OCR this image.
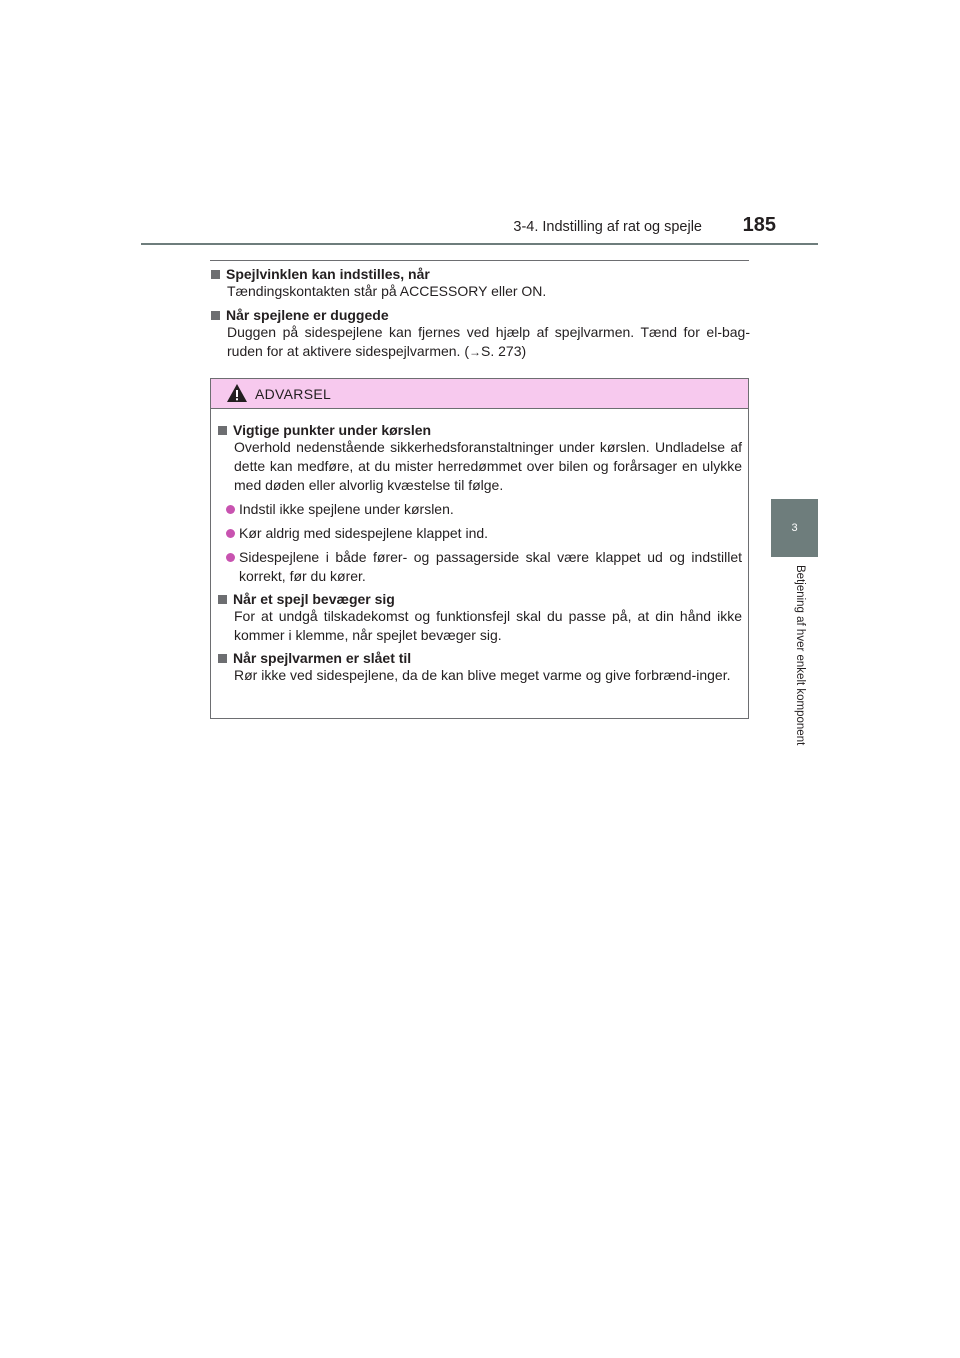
3-4. Indstilling af rat og spejle	185
3
Betjening af hver enkelt komponent
Spejlvinklen kan indstilles, når
Tændingskontakten står på ACCESSORY eller ON.
Når spejlene er duggede
Duggen på sidespejlene kan fjernes ved hjælp af spejlvarmen. Tænd for el-bag-ruden for at aktivere sidespejlvarmen. (→S. 273)
ADVARSEL
Vigtige punkter under kørslen
Overhold nedenstående sikkerhedsforanstaltninger under kørslen. Undladelse af dette kan medføre, at du mister herredømmet over bilen og forårsager en ulykke med døden eller alvorlig kvæstelse til følge.
Indstil ikke spejlene under kørslen.
Kør aldrig med sidespejlene klappet ind.
Sidespejlene i både fører- og passagerside skal være klappet ud og indstillet korrekt, før du kører.
Når et spejl bevæger sig
For at undgå tilskadekomst og funktionsfejl skal du passe på, at din hånd ikke kommer i klemme, når spejlet bevæger sig.
Når spejlvarmen er slået til
Rør ikke ved sidespejlene, da de kan blive meget varme og give forbrænd-inger.
